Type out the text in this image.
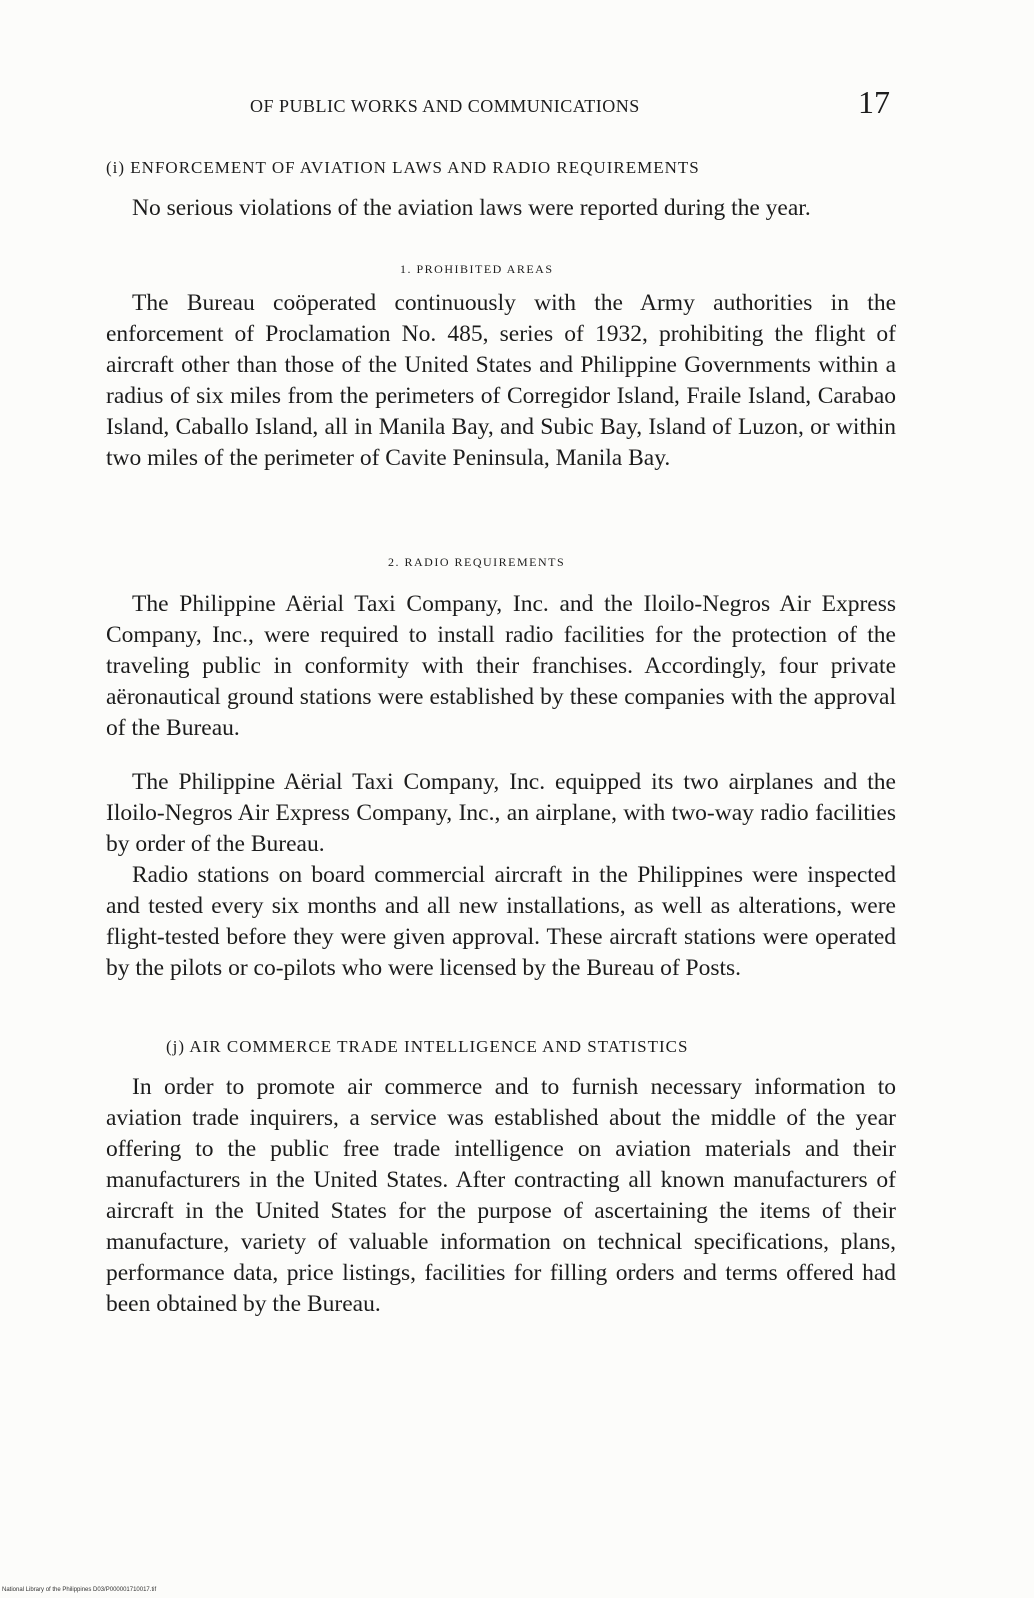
OF PUBLIC WORKS AND COMMUNICATIONS	17
(i) ENFORCEMENT OF AVIATION LAWS AND RADIO REQUIREMENTS

No serious violations of the aviation laws were reported during the year.

1. PROHIBITED AREAS

The Bureau coöperated continuously with the Army authorities in the enforcement of Proclamation No. 485, series of 1932, prohibiting the flight of aircraft other than those of the United States and Philippine Governments within a radius of six miles from the perimeters of Corregidor Island, Fraile Island, Carabao Island, Caballo Island, all in Manila Bay, and Subic Bay, Island of Luzon, or within two miles of the perimeter of Cavite Peninsula, Manila Bay.

2. RADIO REQUIREMENTS

The Philippine Aërial Taxi Company, Inc. and the Iloilo-Negros Air Express Company, Inc., were required to install radio facilities for the protection of the traveling public in conformity with their franchises. Accordingly, four private aëronautical ground stations were established by these companies with the approval of the Bureau.

The Philippine Aërial Taxi Company, Inc. equipped its two airplanes and the Iloilo-Negros Air Express Company, Inc., an airplane, with two-way radio facilities by order of the Bureau.

Radio stations on board commercial aircraft in the Philippines were inspected and tested every six months and all new installations, as well as alterations, were flight-tested before they were given approval. These aircraft stations were operated by the pilots or co-pilots who were licensed by the Bureau of Posts.

(j) AIR COMMERCE TRADE INTELLIGENCE AND STATISTICS

In order to promote air commerce and to furnish necessary information to aviation trade inquirers, a service was established about the middle of the year offering to the public free trade intelligence on aviation materials and their manufacturers in the United States. After contracting all known manufacturers of aircraft in the United States for the purpose of ascertaining the items of their manufacture, variety of valuable information on technical specifications, plans, performance data, price listings, facilities for filling orders and terms offered had been obtained by the Bureau.

National Library of the Philippines D03/P000001710017.tif
